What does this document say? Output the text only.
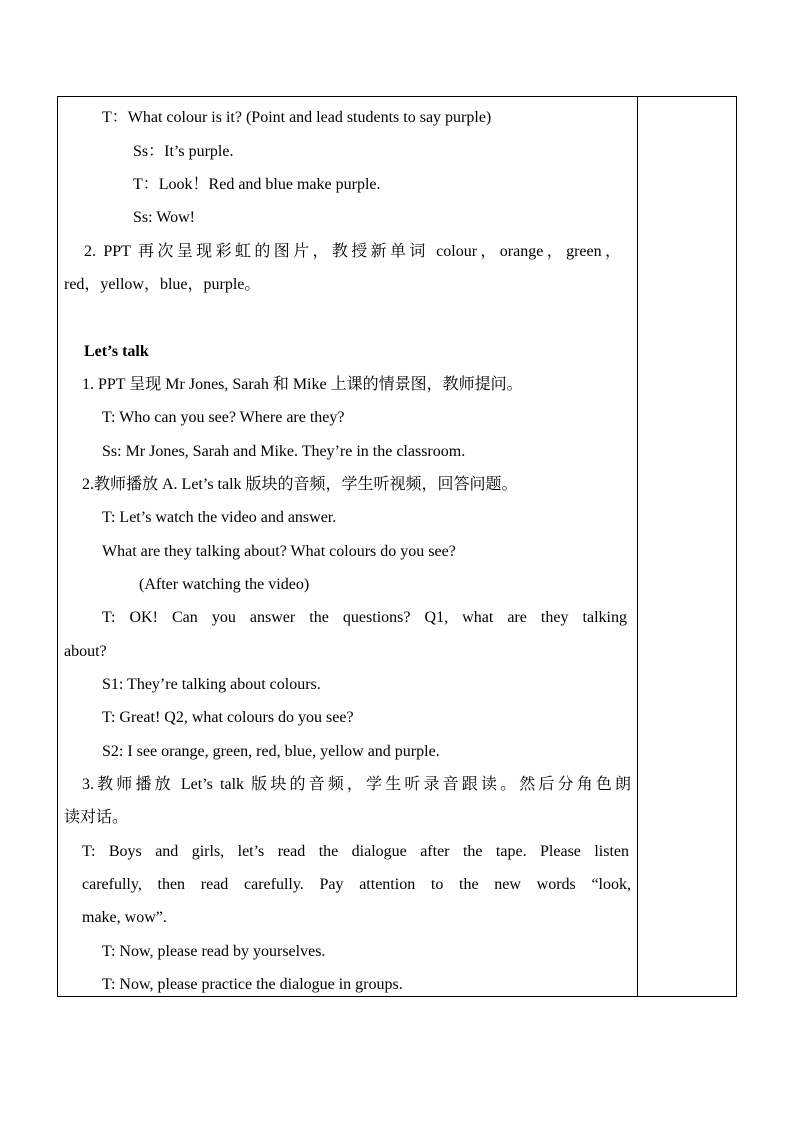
T：What colour is it? (Point and lead students to say purple)
Ss：It’s purple.
T：Look！Red and blue make purple.
Ss: Wow!
2. PPT 再次呈现彩虹的图片，教授新单词 colour，orange，green，
red，yellow，blue，purple。
Let’s talk
1. PPT 呈现 Mr Jones, Sarah 和 Mike 上课的情景图，教师提问。
T: Who can you see? Where are they?
Ss: Mr Jones, Sarah and Mike. They’re in the classroom.
2.教师播放 A. Let’s talk 版块的音频，学生听视频，回答问题。
T: Let’s watch the video and answer.
What are they talking about? What colours do you see?
(After watching the video)
T: OK! Can you answer the questions? Q1, what are they talking
about?
S1: They’re talking about colours.
T: Great! Q2, what colours do you see?
S2: I see orange, green, red, blue, yellow and purple.
3.教师播放 Let’s talk 版块的音频，学生听录音跟读。然后分角色朗
读对话。
T: Boys and girls, let’s read the dialogue after the tape. Please listen
carefully, then read carefully. Pay attention to the new words “look,
make, wow”.
T: Now, please read by yourselves.
T: Now, please practice the dialogue in groups.
